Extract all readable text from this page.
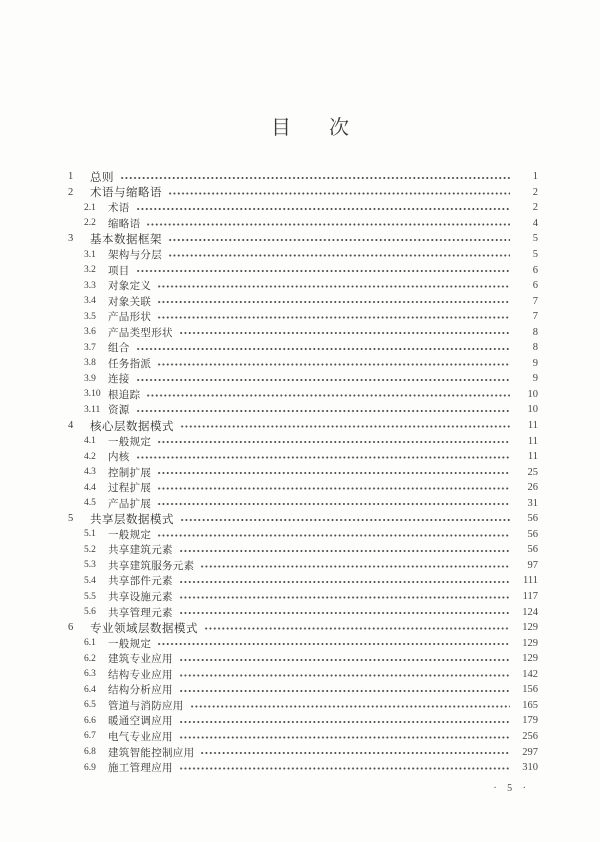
目 次
1	总则	1
2	术语与缩略语	2
2.1	术语	2
2.2	缩略语	4
3	基本数据框架	5
3.1	架构与分层	5
3.2	项目	6
3.3	对象定义	6
3.4	对象关联	7
3.5	产品形状	7
3.6	产品类型形状	8
3.7	组合	8
3.8	任务指派	9
3.9	连接	9
3.10 根追踪	10
3.11 资源	10
4	核心层数据模式	11
4.1	一般规定	11
4.2	内核	11
4.3	控制扩展	25
4.4	过程扩展	26
4.5	产品扩展	31
5	共享层数据模式	56
5.1	一般规定	56
5.2	共享建筑元素	56
5.3	共享建筑服务元素	97
5.4	共享部件元素	111
5.5	共享设施元素	117
5.6	共享管理元素	124
6	专业领域层数据模式	129
6.1	一般规定	129
6.2	建筑专业应用	129
6.3	结构专业应用	142
6.4	结构分析应用	156
6.5	管道与消防应用	165
6.6	暖通空调应用	179
6.7	电气专业应用	256
6.8	建筑智能控制应用	297
6.9	施工管理应用	310
· 5 ·
